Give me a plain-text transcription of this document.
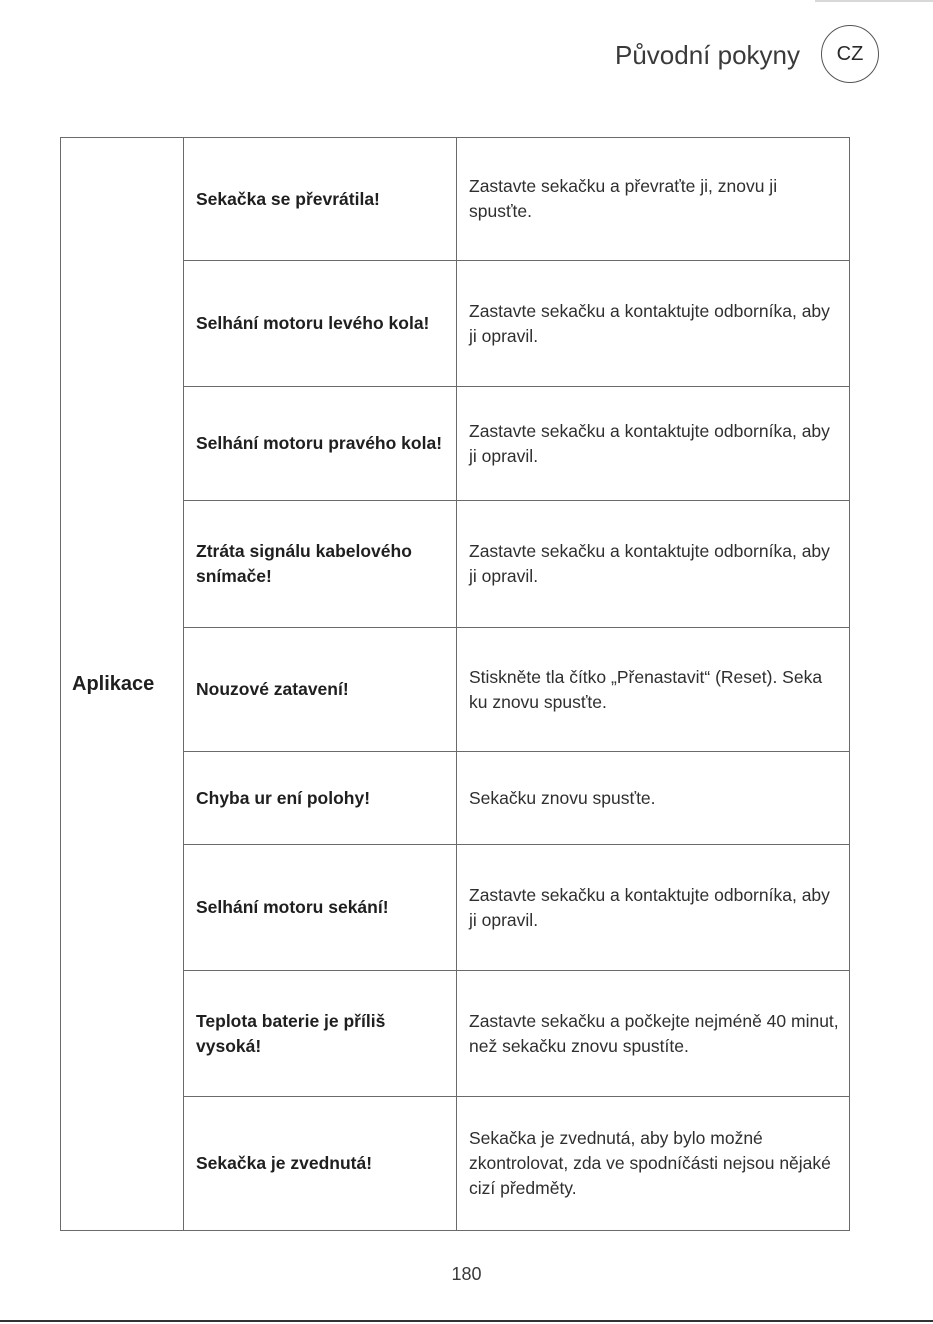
Původní pokyny	CZ
Aplikace	Sekačka se převrátila!	Zastavte sekačku a převraťte ji, znovu ji spusťte.
	Selhání motoru levého kola!	Zastavte sekačku a kontaktujte odborníka, aby ji opravil.
	Selhání motoru pravého kola!	Zastavte sekačku a kontaktujte odborníka, aby ji opravil.
	Ztráta signálu kabelového snímače!	Zastavte sekačku a kontaktujte odborníka, aby ji opravil.
	Nouzové zatavení!	Stiskněte tla čítko „Přenastavit“ (Reset). Seka ku znovu spusťte.
	Chyba ur ení polohy!	Sekačku znovu spusťte.
	Selhání motoru sekání!	Zastavte sekačku a kontaktujte odborníka, aby ji opravil.
	Teplota baterie je příliš vysoká!	Zastavte sekačku a počkejte nejméně 40 minut, než sekačku znovu spustíte.
	Sekačka je zvednutá!	Sekačka je zvednutá, aby bylo možné zkontrolovat, zda ve spodníčásti nejsou nějaké cizí předměty.
180
